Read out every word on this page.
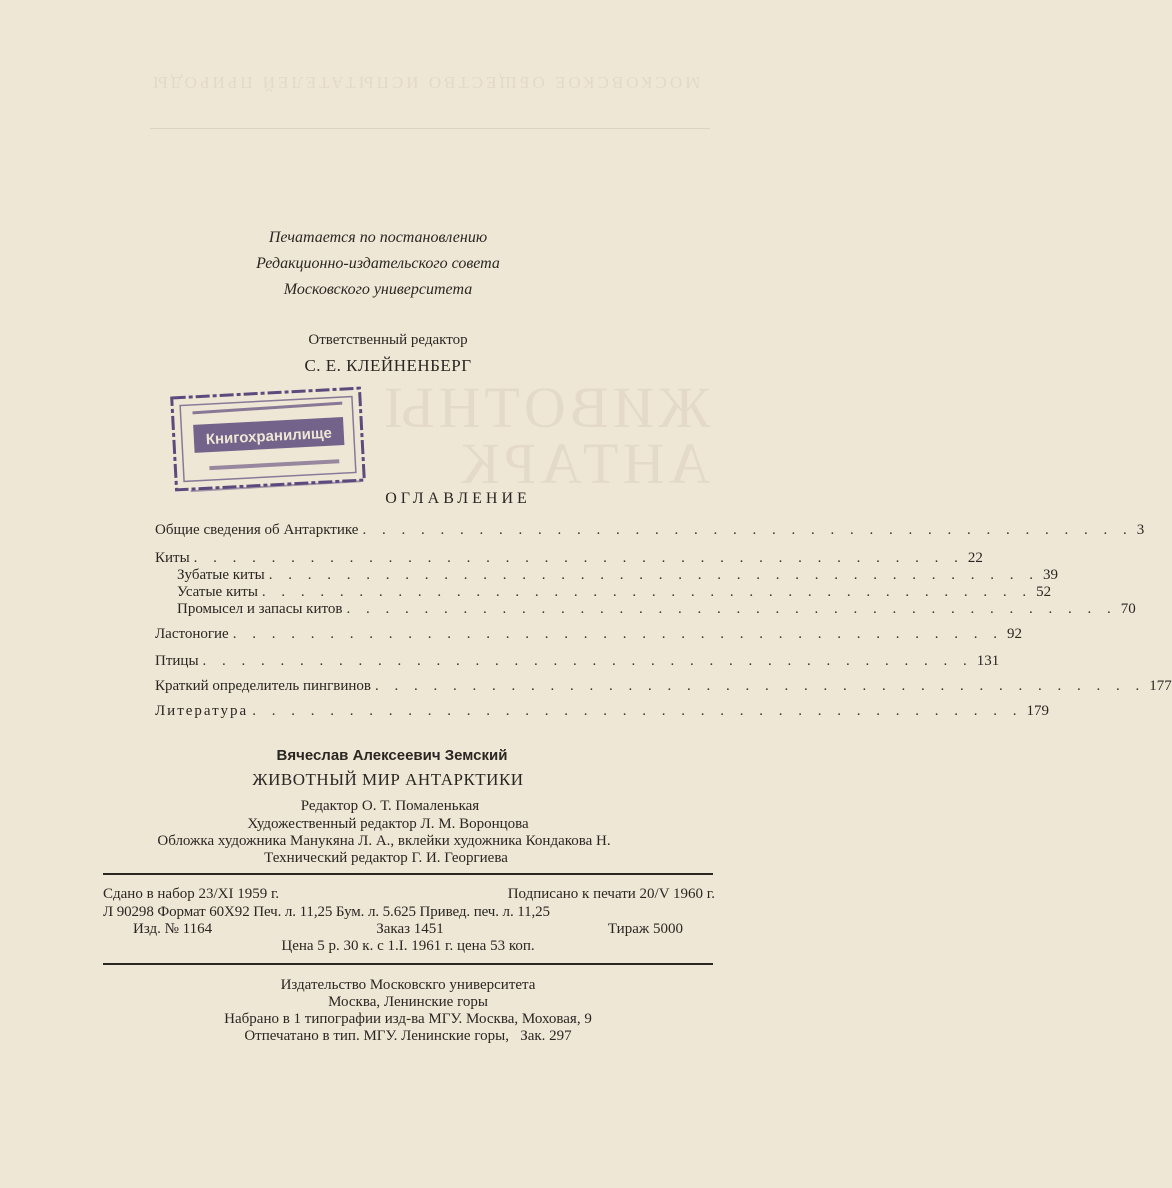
МОСКОВСКОЕ ОБЩЕСТВО ИСПЫТАТЕЛЕЙ ПРИРОДЫ
ЖИВОТНЫ
АНТАРК
Печатается по постановлению
Редакционно-издательского совета
Московского университета
Ответственный редактор
С. Е. КЛЕЙНЕНБЕРГ
Книгохранилище
ОГЛАВЛЕНИЕ
Общие сведения об Антарктике . . . . . . . . . . . . . . . . . . . . . . . . . . . . . . . . . . . . . . . . 3
Киты . . . . . . . . . . . . . . . . . . . . . . . . . . . . . . . . . . . . . . . . 22
Зубатые киты . . . . . . . . . . . . . . . . . . . . . . . . . . . . . . . . . . . . . . . . 39
Усатые киты . . . . . . . . . . . . . . . . . . . . . . . . . . . . . . . . . . . . . . . . 52
Промысел и запасы китов . . . . . . . . . . . . . . . . . . . . . . . . . . . . . . . . . . . . . . . . 70
Ластоногие . . . . . . . . . . . . . . . . . . . . . . . . . . . . . . . . . . . . . . . . 92
Птицы . . . . . . . . . . . . . . . . . . . . . . . . . . . . . . . . . . . . . . . . 131
Краткий определитель пингвинов . . . . . . . . . . . . . . . . . . . . . . . . . . . . . . . . . . . . . . . . 177
Литература . . . . . . . . . . . . . . . . . . . . . . . . . . . . . . . . . . . . . . . . 179
Вячеслав Алексеевич Земский
ЖИВОТНЫЙ МИР АНТАРКТИКИ
Редактор О. Т. Помаленькая
Художественный редактор Л. М. Воронцова
Обложка художника Манукяна Л. А., вклейки художника Кондакова Н.
Технический редактор Г. И. Георгиева
Сдано в набор 23/XI 1959 г.	Подписано к печати 20/V 1960 г.
Л 90298 Формат 60Х92 Печ. л. 11,25 Бум. л. 5.625 Привед. печ. л. 11,25
Изд. № 1164	Заказ 1451	Тираж 5000
Цена 5 р. 30 к. с 1.I. 1961 г. цена 53 коп.
Издательство Московскго университета
Москва, Ленинские горы
Набрано в 1 типографии изд-ва МГУ. Москва, Моховая, 9
Отпечатано в тип. МГУ. Ленинские горы,   Зак. 297
